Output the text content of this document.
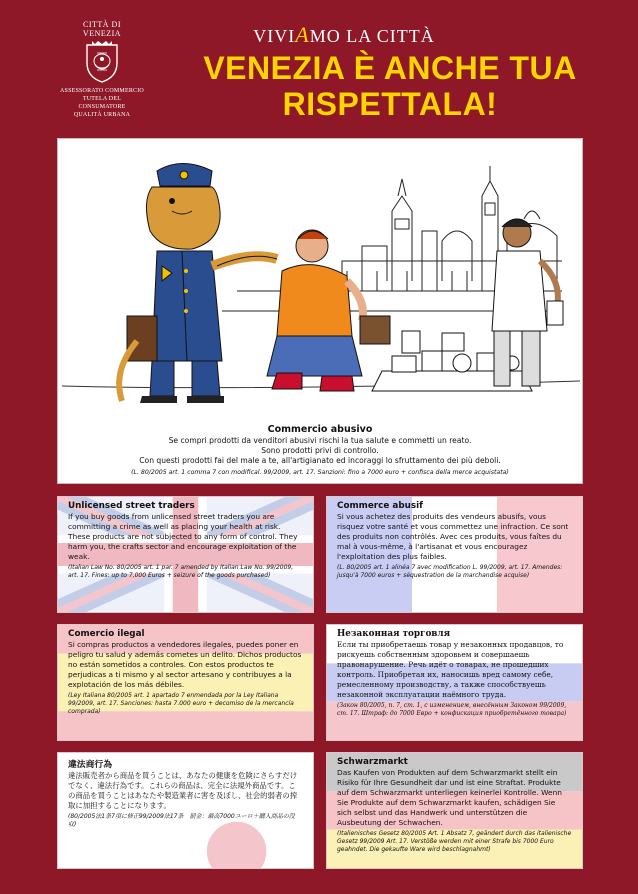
CITTÀ DI
VENEZIA
ASSESSORATO COMMERCIO
TUTELA DEL CONSUMATORE
QUALITÀ URBANA
VIVIAMO LA CITTÀ
VENEZIA È ANCHE TUA
RISPETTALA!
Commercio abusivo

Se compri prodotti da venditori abusivi rischi la tua salute e commetti un reato.

Sono prodotti privi di controllo.

Con questi prodotti fai del male a te, all'artigianato ed incoraggi lo sfruttamento dei più deboli.

(L. 80/2005 art. 1 comma 7 con modifical. 99/2009, art. 17. Sanzioni: fino a 7000 euro + confisca della merce acquistata)

Unlicensed street traders

If you buy goods from unlicensed street traders you are committing a crime as well as placing your health at risk. These products are not subjected to any form of control. They harm you, the crafts sector and encourage exploitation of the weak.

(Italian Law No. 80/2005 art. 1 par. 7 amended by Italian Law No. 99/2009, art. 17. Fines: up to 7,000 Euros + seizure of the goods purchased)

Commerce abusif

Si vous achetez des produits des vendeurs abusifs, vous risquez votre santé et vous commettez une infraction. Ce sont des produits non contrôlés. Avec ces produits, vous faîtes du mal à vous-même, à l'artisanat et vous encouragez l'exploitation des plus faibles.

(L. 80/2005 art. 1 alinéa 7 avec modification L. 99/2009, art. 17. Amendes: jusqu'à 7000 euros + séquestration de la marchandise acquise)

Comercio ilegal

Si compras productos a vendedores ilegales, puedes poner en peligro tu salud y además cometes un delito. Dichos productos no están sometidos a controles. Con estos productos te perjudicas a ti mismo y al sector artesano y contribuyes a la explotación de los más débiles.

(Ley Italiana 80/2005 art. 1 apartado 7 enmendada por la Ley Italiana 99/2009, art. 17. Sanciones: hasta 7.000 euro + decomiso de la mercancía comprada)

Незаконная торговля

Если ты приобретаешь товар у незаконных продавцов, то рискуешь собственным здоровьем и совершаешь правонарушение. Речь идёт о товарах, не прошедших контроль. Приобретая их, наносишь вред самому себе, ремесленному производству, а также способствуешь незаконной эксплуатации наёмного труда.

(Закон 80/2005, п. 7, ст. 1, с изменением, внесённым Законом 99/2009, ст. 17. Штраф: до 7000 Евро + конфискация приобретённого товара)

違法商行為

違法販売者から商品を買うことは、あなたの健康を危険にさらすだけでなく、違法行為です。これらの商品は、完全に法規外商品です。この商品を買うことはあなたや製造業者に害を及ぼし、社会的弱者の搾取に加担することになります。

(80/2005法1条7項に修正99/2009法17条　罰金：最高7000ユーロ＋購入商品の没収)

Schwarzmarkt

Das Kaufen von Produkten auf dem Schwarzmarkt stellt ein Risiko für Ihre Gesundheit dar und ist eine Straftat. Produkte auf dem Schwarzmarkt unterliegen keinerlei Kontrolle. Wenn Sie Produkte auf dem Schwarzmarkt kaufen, schädigen Sie sich selbst und das Handwerk und unterstützen die Ausbeutung der Schwachen.

(Italienisches Gesetz 80/2005 Art. 1 Absatz 7, geändert durch das italienische Gesetz 99/2009 Art. 17. Verstöße werden mit einer Strafe bis 7000 Euro geahndet. Die gekaufte Ware wird beschlagnahmt)
